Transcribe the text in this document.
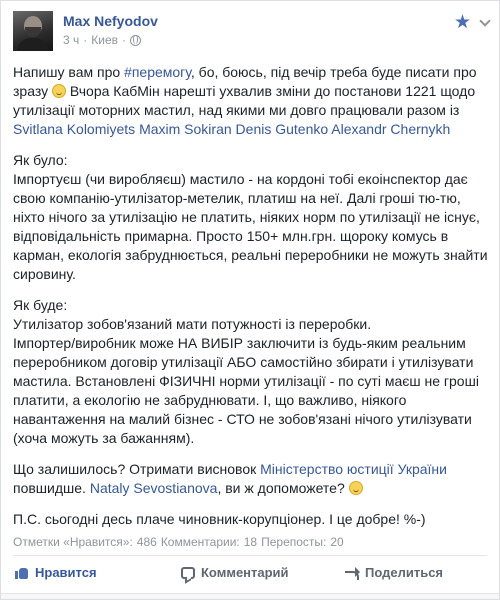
Max Nefyodov
3 ч · Киев ·
★
Напишу вам про #перемогу, бо, боюсь, під вечір треба буде писати про зразу  Вчора КабМін нарешті ухвалив зміни до постанови 1221 щодо утилізації моторних мастил, над якими ми довго працювали разом із Svitlana Kolomiyets Maxim Sokiran Denis Gutenko Alexandr Chernykh
Як було:
Імпортуєш (чи виробляєш) мастило - на кордоні тобі екоінспектор дає свою компанію-утилізатор-метелик, платиш на неї. Далі гроші тю-тю, ніхто нічого за утилізацію не платить, ніяких норм по утилізації не існує, відповідальність примарна. Просто 150+ млн.грн. щороку комусь в карман, екологія забруднюється, реальні переробники не можуть знайти сировину.
Як буде:
Утилізатор зобов'язаний мати потужності із переробки.
Імпортер/виробник може НА ВИБІР заключити із будь-яким реальним переробником договір утилізації АБО самостійно збирати і утилізувати мастила. Встановлені ФІЗИЧНІ норми утилізації - по суті маєш не гроші платити, а екологію не забруднювати. І, що важливо, ніякого навантаження на малий бізнес - СТО не зобов'язані нічого утилізувати (хоча можуть за бажанням).
Що залишилось? Отримати висновок Міністерство юстиції України повшидше. Nataly Sevostianova, ви ж допоможете?
П.С. сьогодні десь плаче чиновник-корупціонер. І це добре! %-)
Отметки «Нравится»: 486 Комментарии: 18 Перепосты: 20
Нравится	Комментарий	Поделиться
